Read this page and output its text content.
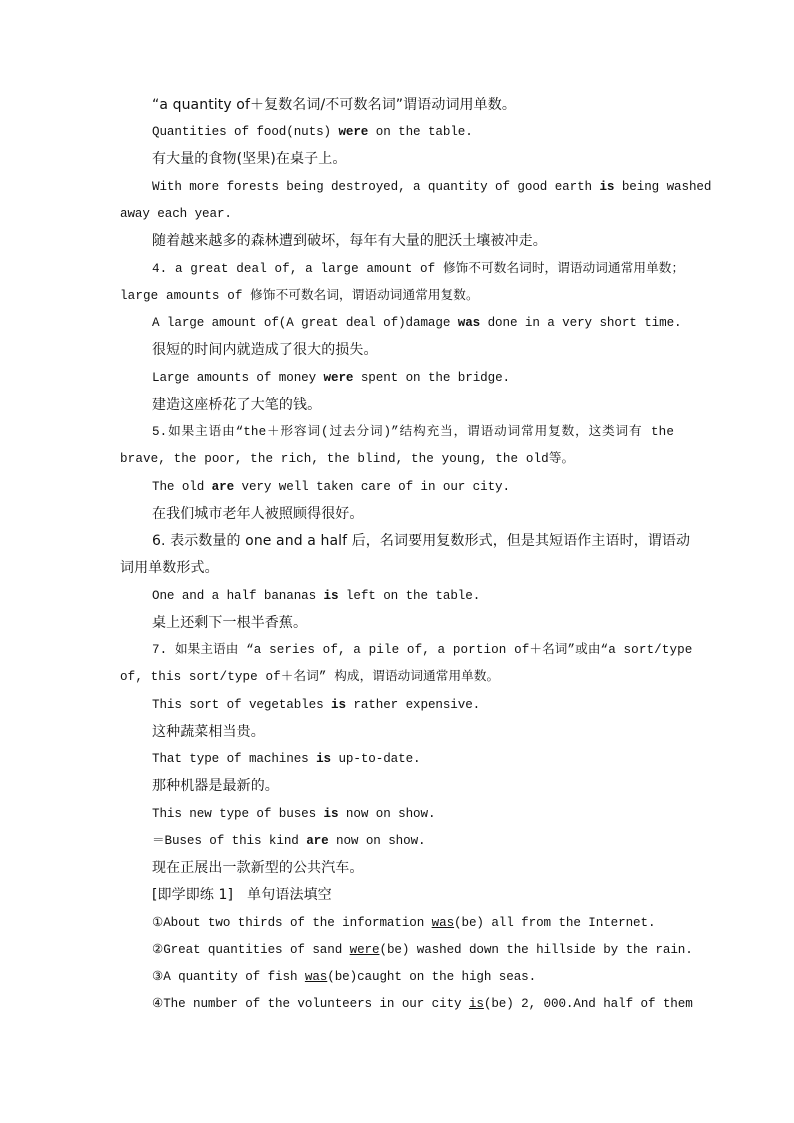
“a quantity of＋复数名词/不可数名词”谓语动词用单数。
Quantities of food(nuts) were on the table.
有大量的食物(坚果)在桌子上。
With more forests being destroyed, a quantity of good earth is being washed
away each year.
随着越来越多的森林遭到破坏，每年有大量的肥沃土壤被冲走。
4. a great deal of, a large amount of 修饰不可数名词时，谓语动词通常用单数；
large amounts of 修饰不可数名词，谓语动词通常用复数。
A large amount of(A great deal of)damage was done in a very short time.
很短的时间内就造成了很大的损失。
Large amounts of money were spent on the bridge.
建造这座桥花了大笔的钱。
5.如果主语由“the＋形容词(过去分词)”结构充当，谓语动词常用复数，这类词有 the
brave, the poor, the rich, the blind, the young, the old等。
The old are very well taken care of in our city.
在我们城市老年人被照顾得很好。
6. 表示数量的 one and a half 后，名词要用复数形式，但是其短语作主语时，谓语动
词用单数形式。
One and a half bananas is left on the table.
桌上还剩下一根半香蕉。
7. 如果主语由 “a series of, a pile of, a portion of＋名词”或由“a sort/type
of, this sort/type of＋名词” 构成，谓语动词通常用单数。
This sort of vegetables is rather expensive.
这种蔬菜相当贵。
That type of machines is up-to-date.
那种机器是最新的。
This new type of buses is now on show.
＝Buses of this kind are now on show.
现在正展出一款新型的公共汽车。
[即学即练 1]　单句语法填空
①About two thirds of the information was(be) all from the Internet.
②Great quantities of sand were(be) washed down the hillside by the rain.
③A quantity of fish was(be)caught on the high seas.
④The number of the volunteers in our city is(be) 2, 000.And half of them
